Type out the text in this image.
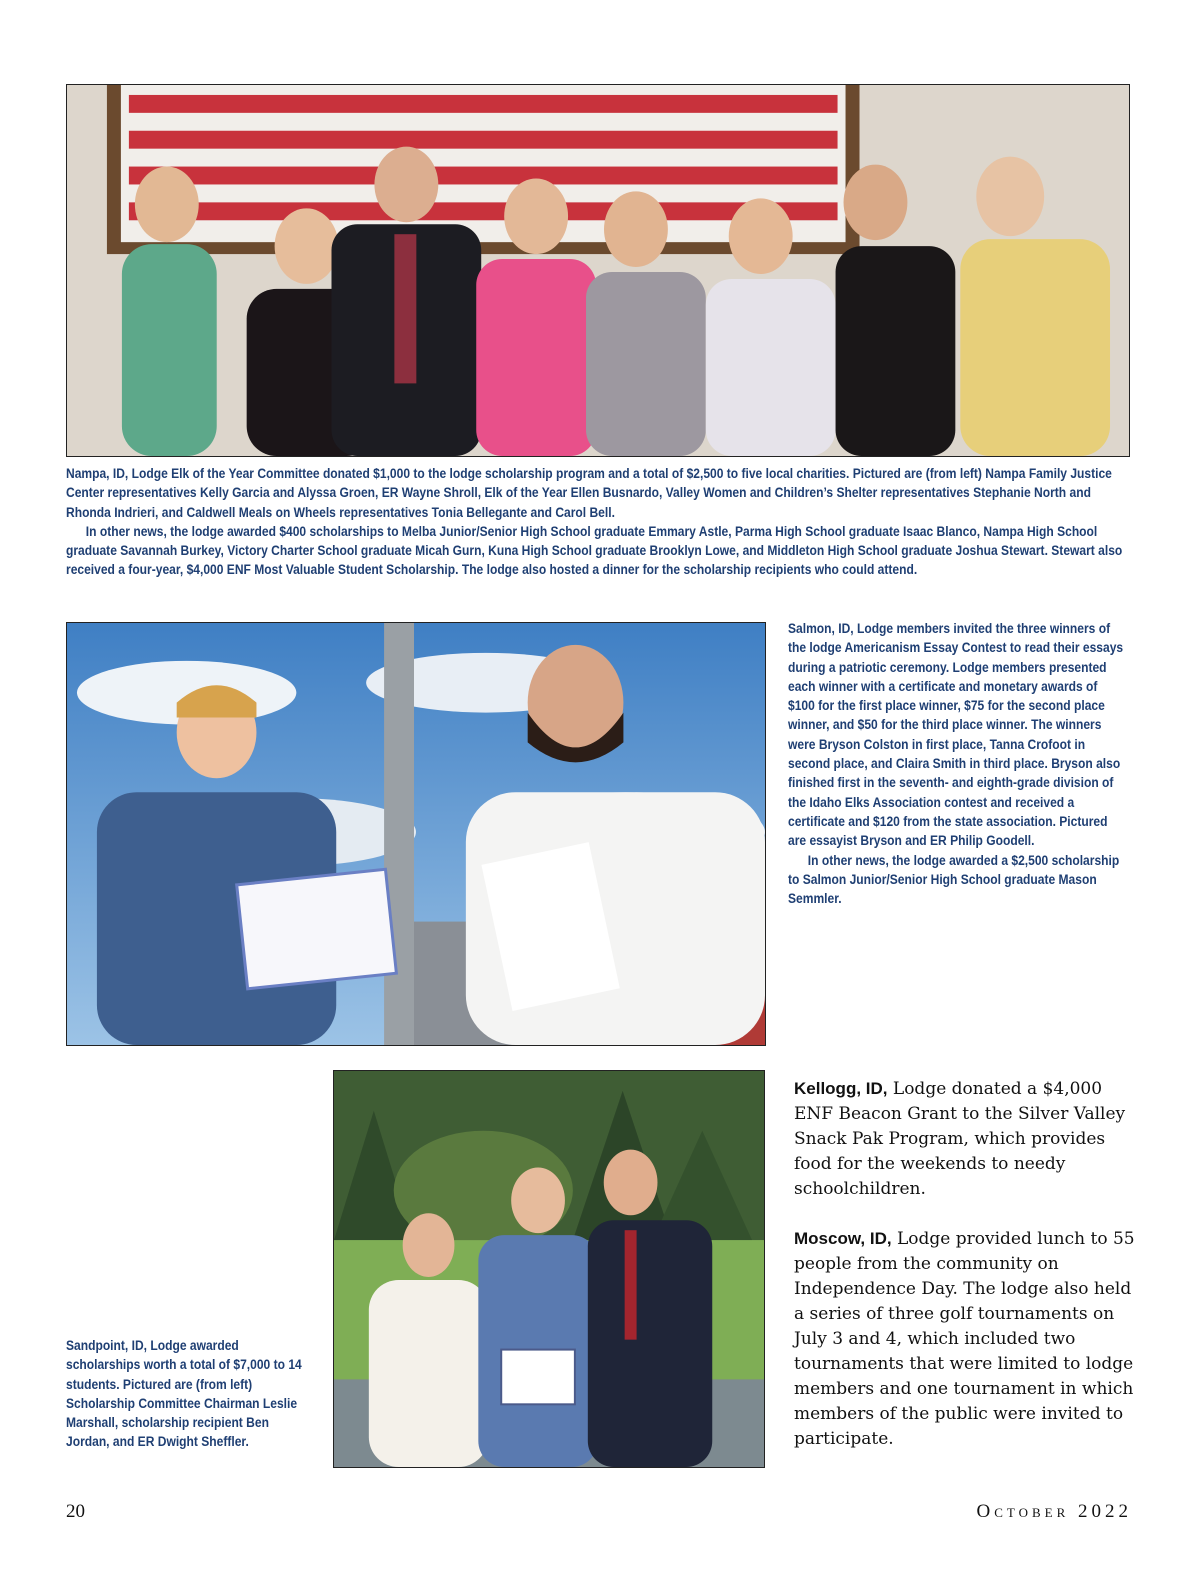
Nampa, ID, Lodge Elk of the Year Committee donated $1,000 to the lodge scholarship program and a total of $2,500 to five local charities. Pictured are (from left) Nampa Family Justice Center representatives Kelly Garcia and Alyssa Groen, ER Wayne Shroll, Elk of the Year Ellen Busnardo, Valley Women and Children’s Shelter representatives Stephanie North and Rhonda Indrieri, and Caldwell Meals on Wheels representatives Tonia Bellegante and Carol Bell.

In other news, the lodge awarded $400 scholarships to Melba Junior/Senior High School graduate Emmary Astle, Parma High School graduate Isaac Blanco, Nampa High School graduate Savannah Burkey, Victory Charter School graduate Micah Gurn, Kuna High School graduate Brooklyn Lowe, and Middleton High School graduate Joshua Stewart. Stewart also received a four-year, $4,000 ENF Most Valuable Student Scholarship. The lodge also hosted a dinner for the scholarship recipients who could attend.

Salmon, ID, Lodge members invited the three winners of the lodge Americanism Essay Contest to read their essays during a patriotic ceremony. Lodge members presented each winner with a certificate and monetary awards of $100 for the first place winner, $75 for the second place winner, and $50 for the third place winner. The winners were Bryson Colston in first place, Tanna Crofoot in second place, and Claira Smith in third place. Bryson also finished first in the seventh- and eighth-grade division of the Idaho Elks Association contest and received a certificate and $120 from the state association. Pictured are essayist Bryson and ER Philip Goodell.

In other news, the lodge awarded a $2,500 scholarship to Salmon Junior/Senior High School graduate Mason Semmler.

Sandpoint, ID, Lodge awarded scholarships worth a total of $7,000 to 14 students. Pictured are (from left) Scholarship Committee Chairman Leslie Marshall, scholarship recipient Ben Jordan, and ER Dwight Sheffler.

Kellogg, ID, Lodge donated a $4,000 ENF Beacon Grant to the Silver Valley Snack Pak Program, which provides food for the weekends to needy schoolchildren.

Moscow, ID, Lodge provided lunch to 55 people from the community on Independence Day. The lodge also held a series of three golf tournaments on July 3 and 4, which included two tournaments that were limited to lodge members and one tournament in which members of the public were invited to participate.

20	October 2022
